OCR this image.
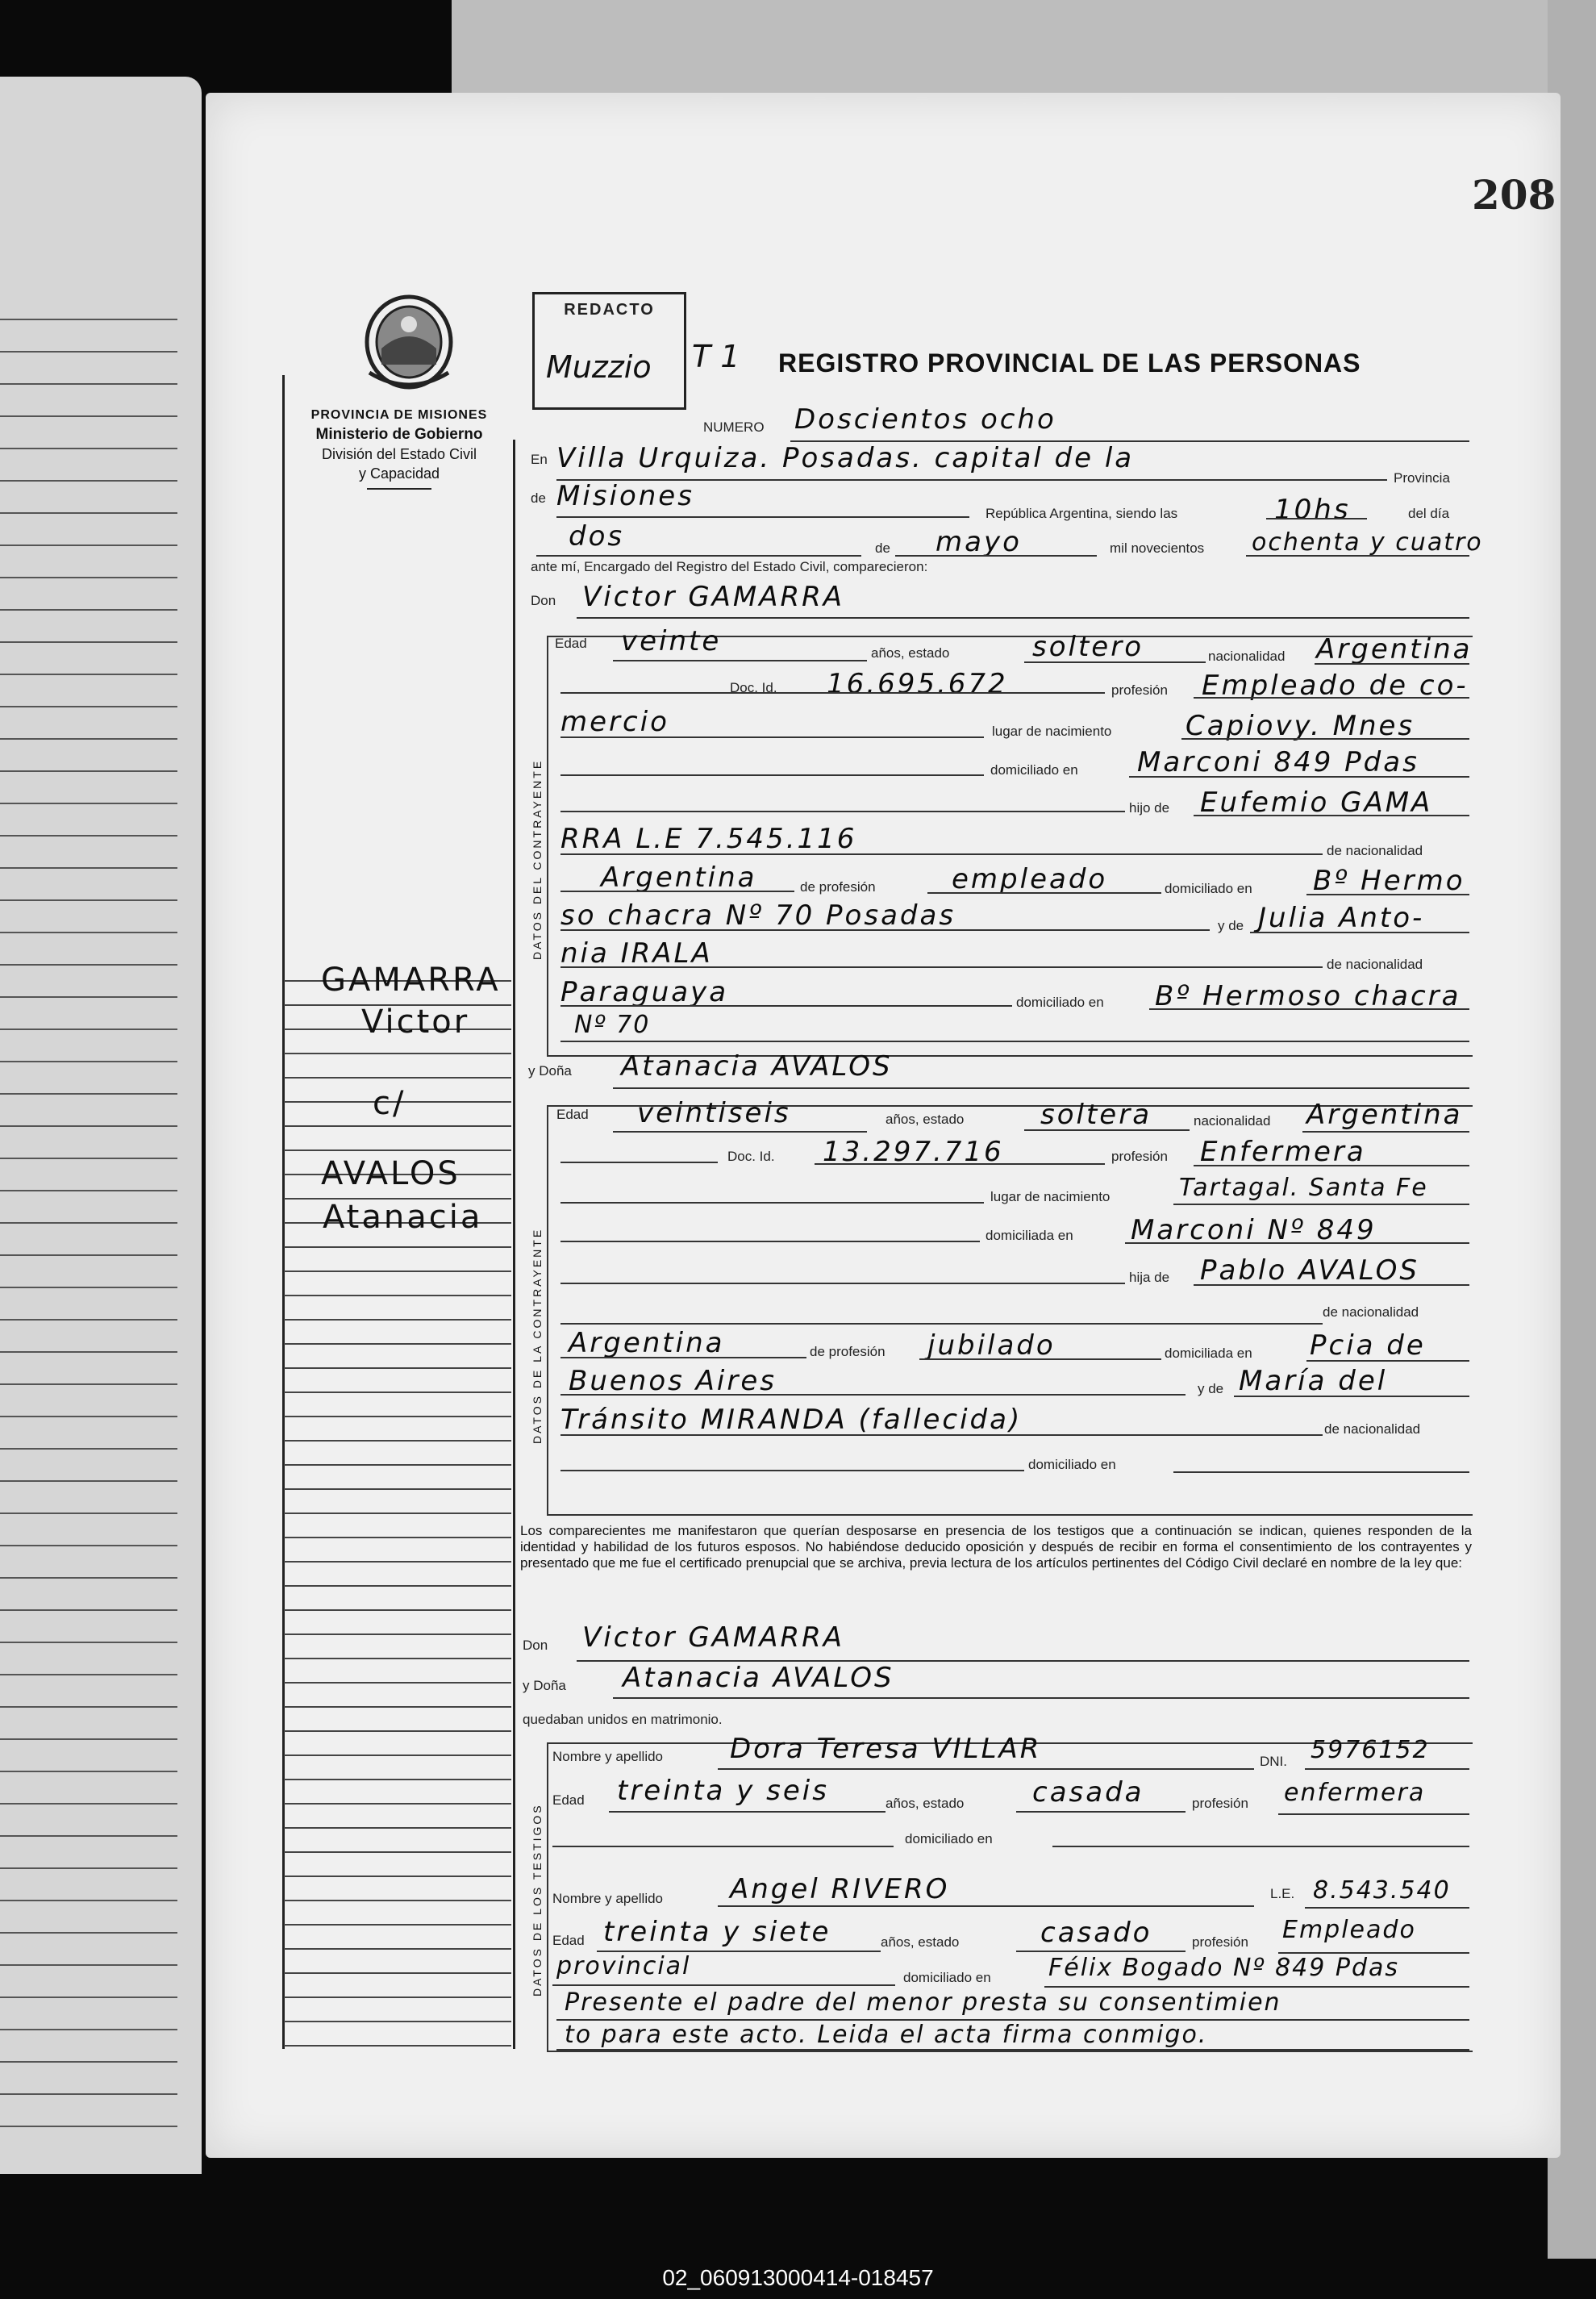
208
PROVINCIA DE MISIONES
Ministerio de Gobierno
División del Estado Civil
y Capacidad
GAMARRA
Victor
c/
AVALOS
Atanacia
REDACTO
Muzzio T 1 REGISTRO PROVINCIAL DE LAS PERSONAS
DATOS DEL CONTRAYENTE
DATOS DE LA CONTRAYENTE
DATOS DE LOS TESTIGOS
NUMERO Doscientos ocho
En Villa Urquiza. Posadas. capital de la
Provincia
de Misiones
República Argentina, siendo las	10hs	del día
dos	de mayo	mil novecientos ochenta y cuatro
ante mí, Encargado del Registro del Estado Civil, comparecieron:
Don Victor GAMARRA
Edad veinte	años, estado	soltero	nacionalidad Argentina
Doc. Id. 16.695.672	profesión Empleado de co-
mercio	lugar de nacimiento	Capiovy. Mnes
domiciliado en Marconi 849 Pdas
hijo de Eufemio GAMA
RRA L.E 7.545.116	de nacionalidad
Argentina	de profesión	empleado	domiciliado en Bº Hermo
so chacra Nº 70 Posadas	y de Julia Anto-
nia IRALA	de nacionalidad
Paraguaya	domiciliado en Bº Hermoso chacra
Nº 70
y Doña Atanacia AVALOS
Edad veintiseis	años, estado	soltera	nacionalidad Argentina
Doc. Id. 13.297.716	profesión Enfermera
lugar de nacimiento	Tartagal. Santa Fe
domiciliada en Marconi Nº 849
hija de Pablo AVALOS
de nacionalidad
Argentina	de profesión jubilado	domiciliada en Pcia de
Buenos Aires	y de María del
Tránsito MIRANDA (fallecida)	de nacionalidad
domiciliado en
Don Victor GAMARRA
y Doña Atanacia AVALOS
quedaban unidos en matrimonio.
Nombre y apellido Dora Teresa VILLAR	DNI. 5976152
Edad treinta y seis	años, estado casada	profesión enfermera
domiciliado en
Nombre y apellido Angel RIVERO	L.E. 8.543.540
Edad treinta y siete	años, estado	casado	profesión Empleado
provincial	domiciliado en Félix Bogado Nº 849 Pdas
Presente el padre del menor presta su consentimien
to para este acto. Leida el acta firma conmigo.
Los comparecientes me manifestaron que querían desposarse en presencia de los testigos que a continuación se indican, quienes responden de la identidad y habilidad de los futuros esposos. No habiéndose deducido oposición y después de recibir en forma el consentimiento de los contrayentes y presentado que me fue el certificado prenupcial que se archiva, previa lectura de los artículos pertinentes del Código Civil declaré en nombre de la ley que:
02_060913000414-018457
